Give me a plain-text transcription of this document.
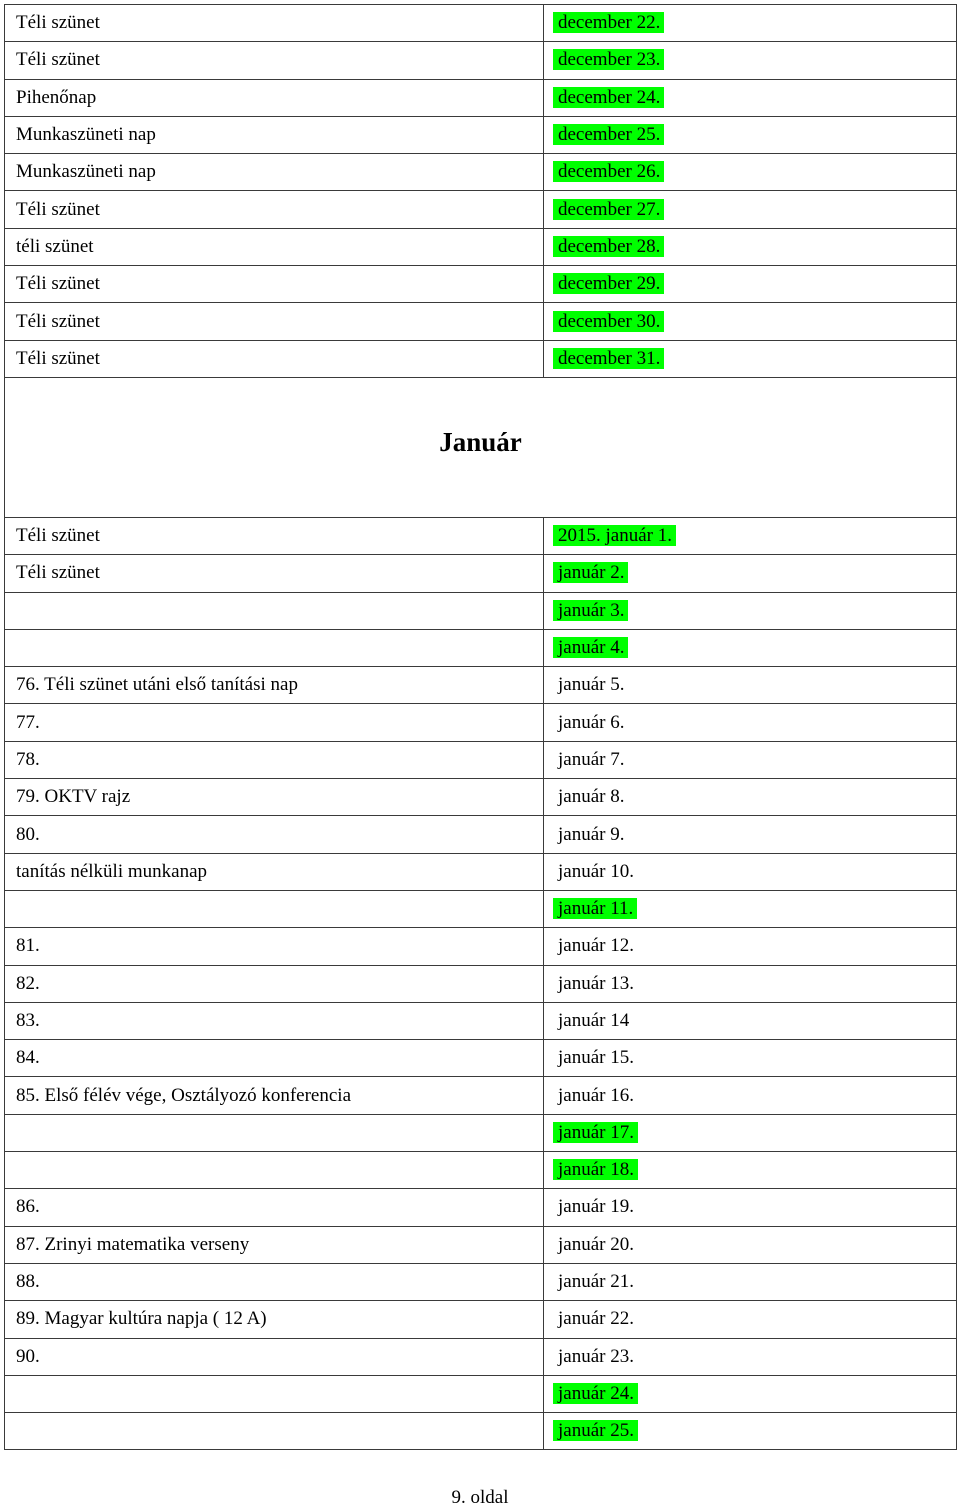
Téli szünet	december 22.
Téli szünet	december 23.
Pihenőnap	december 24.
Munkaszüneti nap	december 25.
Munkaszüneti nap	december 26.
Téli szünet	december 27.
téli szünet	december 28.
Téli szünet	december 29.
Téli szünet	december 30.
Téli szünet	december 31.
Január
Téli szünet	2015. január 1.
Téli szünet	január 2.
	január 3.
	január 4.
76. Téli szünet utáni első tanítási nap	január 5.
77.	január 6.
78.	január 7.
79. OKTV rajz	január 8.
80.	január 9.
tanítás nélküli munkanap	január 10.
	január 11.
81.	január 12.
82.	január 13.
83.	január 14
84.	január 15.
85. Első félév vége, Osztályozó konferencia	január 16.
	január 17.
	január 18.
86.	január 19.
87. Zrinyi matematika verseny	január 20.
88.	január 21.
89. Magyar kultúra napja ( 12 A)	január 22.
90.	január 23.
	január 24.
	január 25.
9. oldal
